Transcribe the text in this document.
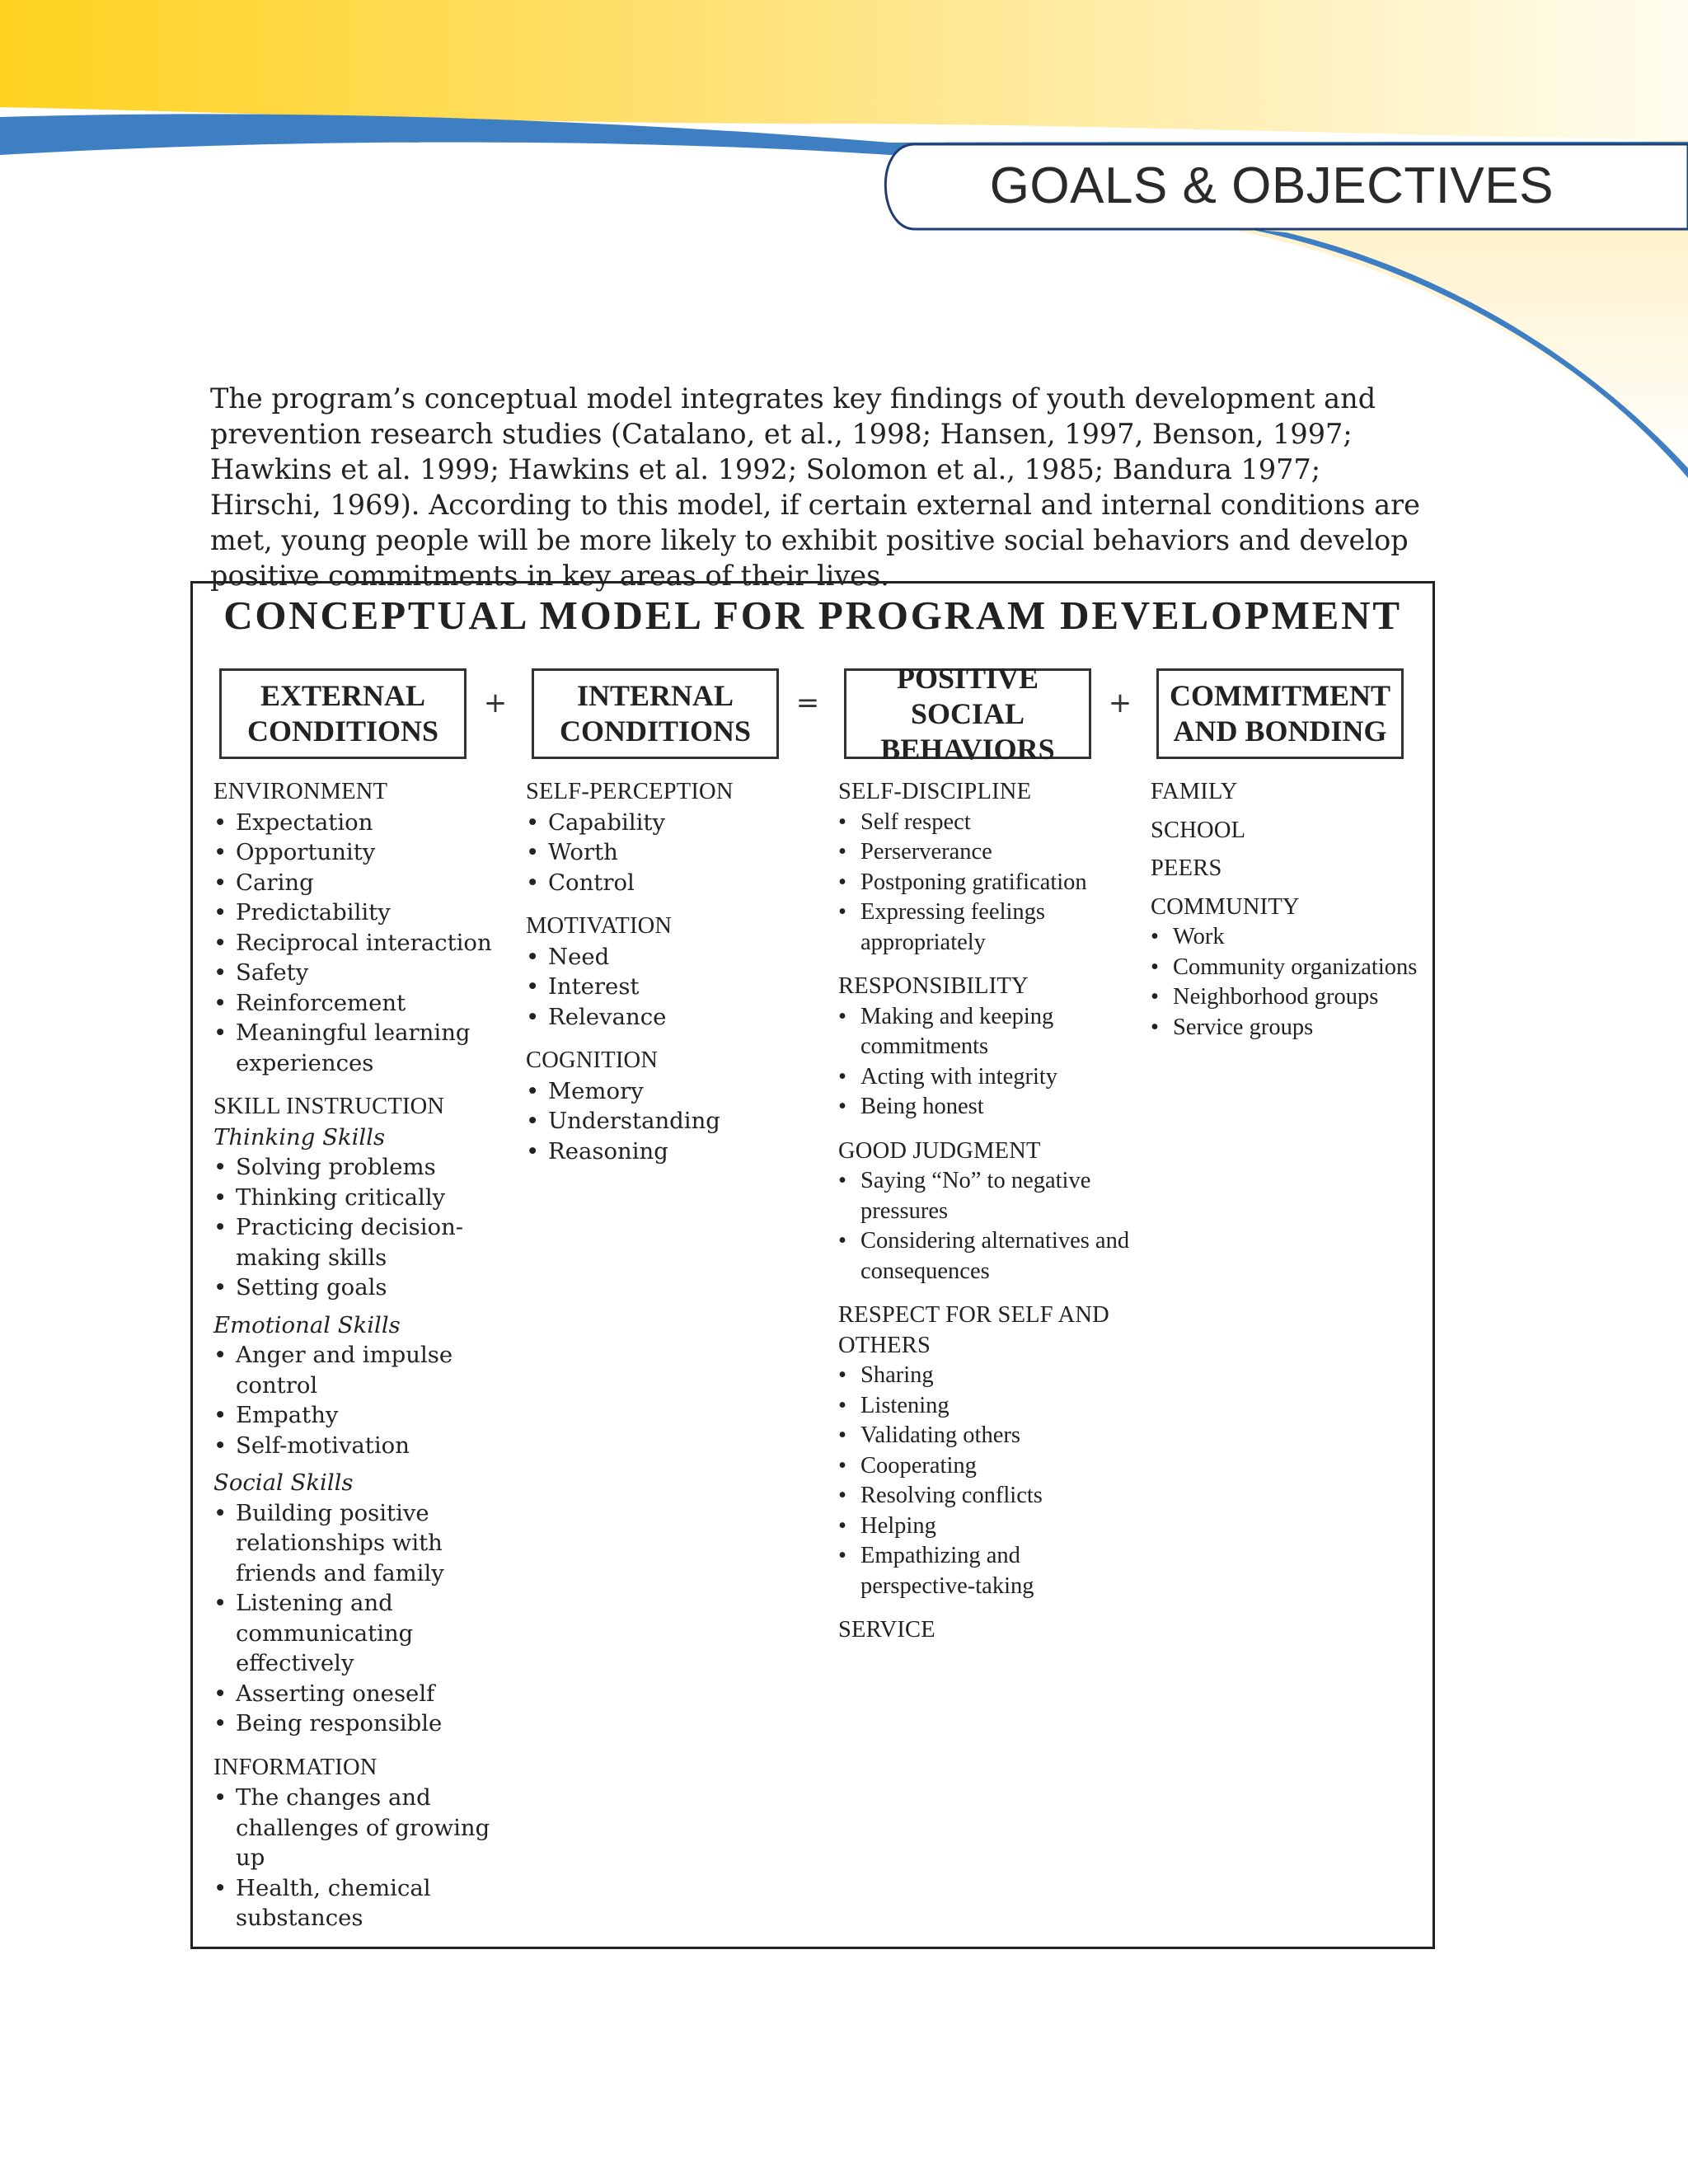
GOALS & OBJECTIVES

The program’s conceptual model integrates key findings of youth development and prevention research studies (Catalano, et al., 1998; Hansen, 1997, Benson, 1997; Hawkins et al. 1999; Hawkins et al. 1992; Solomon et al., 1985; Bandura 1977; Hirschi, 1969). According to this model, if certain external and internal conditions are met, young people will be more likely to exhibit positive social behaviors and develop positive commitments in key areas of their lives.

CONCEPTUAL MODEL FOR PROGRAM DEVELOPMENT
EXTERNAL
CONDITIONS
+	INTERNAL
CONDITIONS
=
POSITIVE SOCIAL
BEHAVIORS
+	COMMITMENT
AND BONDING
ENVIRONMENT
• Expectation
• Opportunity
• Caring
• Predictability
• Reciprocal interaction
• Safety
• Reinforcement
• Meaningful learning experiences
SKILL INSTRUCTION
Thinking Skills
• Solving problems
• Thinking critically
• Practicing decision-making skills
• Setting goals
Emotional Skills
• Anger and impulse control
• Empathy
• Self-motivation
Social Skills
• Building positive relationships with friends and family
• Listening and communicating effectively
• Asserting oneself
• Being responsible
INFORMATION
• The changes and challenges of growing up
• Health, chemical substances
SELF-PERCEPTION
• Capability
• Worth
• Control
MOTIVATION
• Need
• Interest
• Relevance
COGNITION
• Memory
• Understanding
• Reasoning
SELF-DISCIPLINE
• Self respect
• Perserverance
• Postponing gratification
• Expressing feelings appropriately
RESPONSIBILITY
• Making and keeping commitments
• Acting with integrity
• Being honest
GOOD JUDGMENT
• Saying “No” to negative pressures
• Considering alternatives and consequences
RESPECT FOR SELF AND OTHERS
• Sharing
• Listening
• Validating others
• Cooperating
• Resolving conflicts
• Helping
• Empathizing and perspective-taking
SERVICE
FAMILY
SCHOOL
PEERS
COMMUNITY
• Work
• Community organizations
• Neighborhood groups
• Service groups
